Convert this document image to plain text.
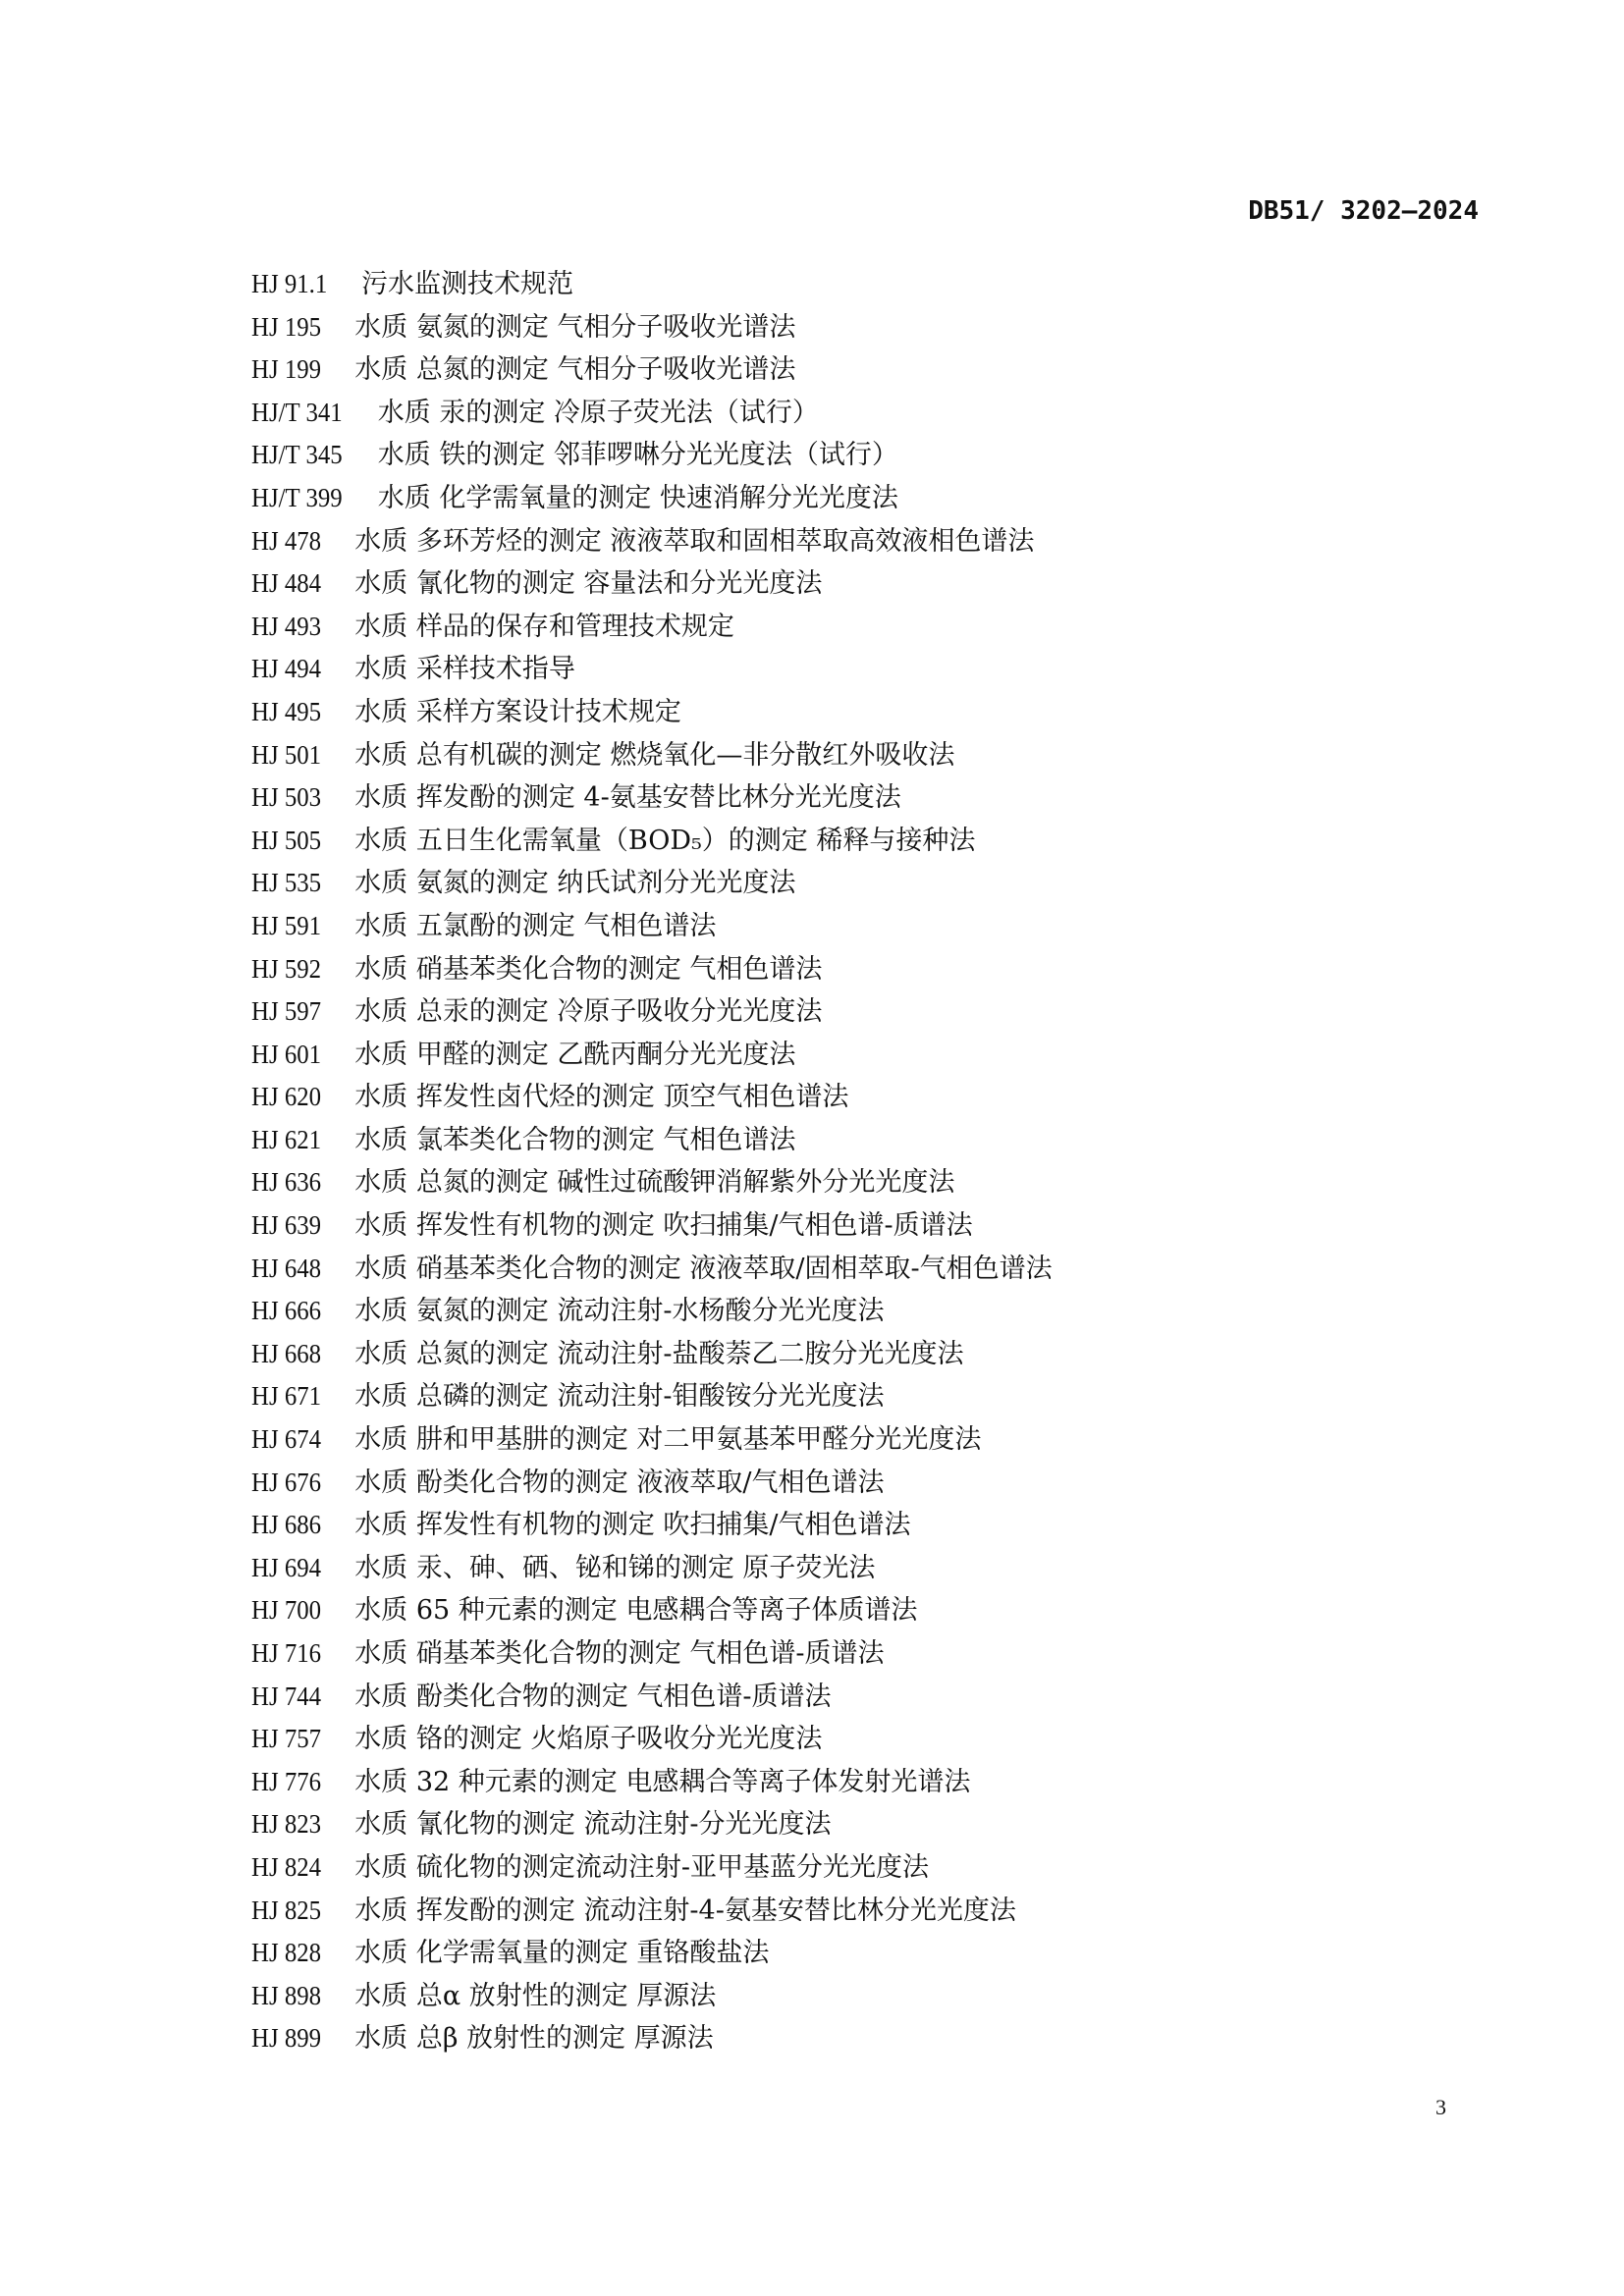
DB51/ 3202—2024
HJ 91.1 污水监测技术规范
HJ 195 水质 氨氮的测定 气相分子吸收光谱法
HJ 199 水质 总氮的测定 气相分子吸收光谱法
HJ/T 341 水质 汞的测定 冷原子荧光法（试行）
HJ/T 345 水质 铁的测定 邻菲啰啉分光光度法（试行）
HJ/T 399 水质 化学需氧量的测定 快速消解分光光度法
HJ 478 水质 多环芳烃的测定 液液萃取和固相萃取高效液相色谱法
HJ 484 水质 氰化物的测定 容量法和分光光度法
HJ 493 水质 样品的保存和管理技术规定
HJ 494 水质 采样技术指导
HJ 495 水质 采样方案设计技术规定
HJ 501 水质 总有机碳的测定 燃烧氧化—非分散红外吸收法
HJ 503 水质 挥发酚的测定 4-氨基安替比林分光光度法
HJ 505 水质 五日生化需氧量（BOD₅）的测定 稀释与接种法
HJ 535 水质 氨氮的测定 纳氏试剂分光光度法
HJ 591 水质 五氯酚的测定 气相色谱法
HJ 592 水质 硝基苯类化合物的测定 气相色谱法
HJ 597 水质 总汞的测定 冷原子吸收分光光度法
HJ 601 水质 甲醛的测定 乙酰丙酮分光光度法
HJ 620 水质 挥发性卤代烃的测定 顶空气相色谱法
HJ 621 水质 氯苯类化合物的测定 气相色谱法
HJ 636 水质 总氮的测定 碱性过硫酸钾消解紫外分光光度法
HJ 639 水质 挥发性有机物的测定 吹扫捕集/气相色谱-质谱法
HJ 648 水质 硝基苯类化合物的测定 液液萃取/固相萃取-气相色谱法
HJ 666 水质 氨氮的测定 流动注射-水杨酸分光光度法
HJ 668 水质 总氮的测定 流动注射-盐酸萘乙二胺分光光度法
HJ 671 水质 总磷的测定 流动注射-钼酸铵分光光度法
HJ 674 水质 肼和甲基肼的测定 对二甲氨基苯甲醛分光光度法
HJ 676 水质 酚类化合物的测定 液液萃取/气相色谱法
HJ 686 水质 挥发性有机物的测定 吹扫捕集/气相色谱法
HJ 694 水质 汞、砷、硒、铋和锑的测定 原子荧光法
HJ 700 水质 65 种元素的测定 电感耦合等离子体质谱法
HJ 716 水质 硝基苯类化合物的测定 气相色谱-质谱法
HJ 744 水质 酚类化合物的测定 气相色谱-质谱法
HJ 757 水质 铬的测定 火焰原子吸收分光光度法
HJ 776 水质 32 种元素的测定 电感耦合等离子体发射光谱法
HJ 823 水质 氰化物的测定 流动注射-分光光度法
HJ 824 水质 硫化物的测定流动注射-亚甲基蓝分光光度法
HJ 825 水质 挥发酚的测定 流动注射-4-氨基安替比林分光光度法
HJ 828 水质 化学需氧量的测定 重铬酸盐法
HJ 898 水质 总α 放射性的测定 厚源法
HJ 899 水质 总β 放射性的测定 厚源法
3
